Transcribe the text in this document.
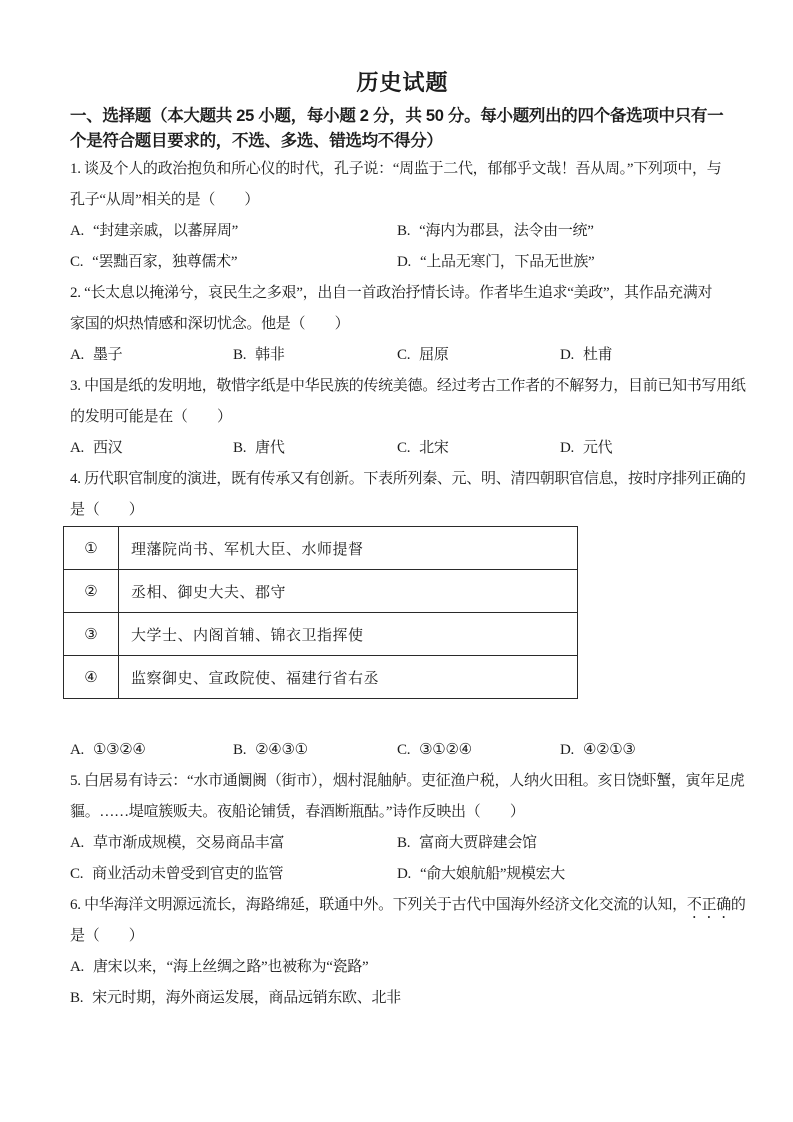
历史试题
一、选择题（本大题共 25 小题，每小题 2 分，共 50 分。每小题列出的四个备选项中只有一
个是符合题目要求的，不选、多选、错选均不得分）
1. 谈及个人的政治抱负和所心仪的时代，孔子说：“周监于二代，郁郁乎文哉！吾从周。”下列项中，与
孔子“从周”相关的是（　　）
A. “封建亲戚，以蕃屏周”	B. “海内为郡县，法令由一统”
C. “罢黜百家，独尊儒术”	D. “上品无寒门，下品无世族”
2. “长太息以掩涕兮，哀民生之多艰”，出自一首政治抒情长诗。作者毕生追求“美政”，其作品充满对
家国的炽热情感和深切忧念。他是（　　）
A. 墨子	B. 韩非	C. 屈原	D. 杜甫
3. 中国是纸的发明地，敬惜字纸是中华民族的传统美德。经过考古工作者的不解努力，目前已知书写用纸
的发明可能是在（　　）
A. 西汉	B. 唐代	C. 北宋	D. 元代
4. 历代职官制度的演进，既有传承又有创新。下表所列秦、元、明、清四朝职官信息，按时序排列正确的
是（　　）
①	理藩院尚书、军机大臣、水师提督
②	丞相、御史大夫、郡守
③	大学士、内阁首辅、锦衣卫指挥使
④	监察御史、宣政院使、福建行省右丞
A. ①③②④	B. ②④③①	C. ③①②④	D. ④②①③
5. 白居易有诗云：“水市通阛阓（街市），烟村混舳舻。吏征渔户税，人纳火田租。亥日饶虾蟹，寅年足虎
貙。……堤喧簇贩夫。夜船论铺赁，春酒断瓶酤。”诗作反映出（　　）
A. 草市渐成规模，交易商品丰富	B. 富商大贾辟建会馆
C. 商业活动未曾受到官吏的监管	D. “俞大娘航船”规模宏大
6. 中华海洋文明源远流长，海路绵延，联通中外。下列关于古代中国海外经济文化交流的认知，不正确的
是（　　）
A. 唐宋以来，“海上丝绸之路”也被称为“瓷路”
B. 宋元时期，海外商运发展，商品远销东欧、北非
